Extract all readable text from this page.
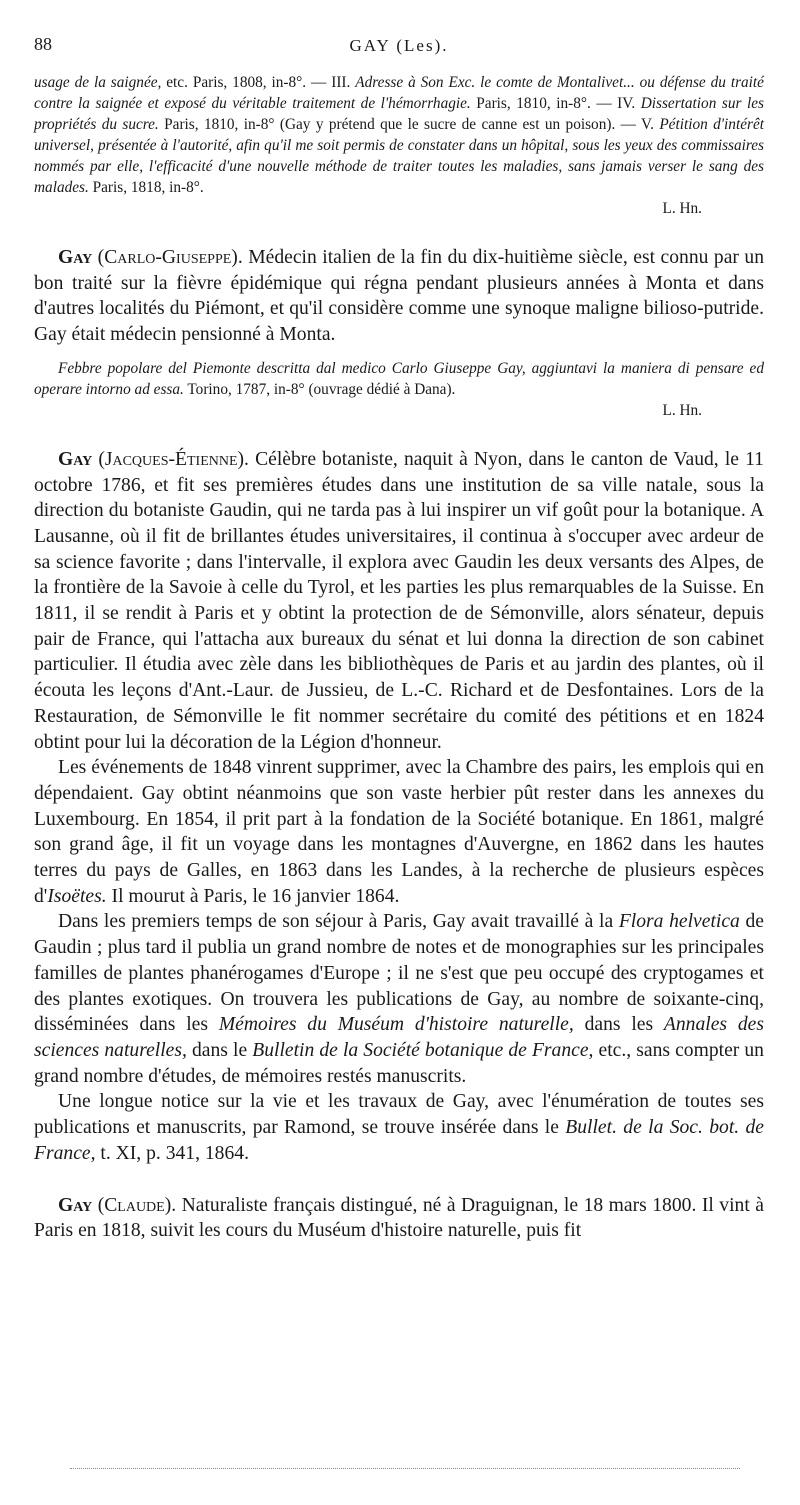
88	GAY (Les).

usage de la saignée, etc. Paris, 1808, in-8°. — III. Adresse à Son Exc. le comte de Montalivet... ou défense du traité contre la saignée et exposé du véritable traitement de l'hémorrhagie. Paris, 1810, in-8°. — IV. Dissertation sur les propriétés du sucre. Paris, 1810, in-8° (Gay y prétend que le sucre de canne est un poison). — V. Pétition d'intérêt universel, présentée à l'autorité, afin qu'il me soit permis de constater dans un hôpital, sous les yeux des commissaires nommés par elle, l'efficacité d'une nouvelle méthode de traiter toutes les maladies, sans jamais verser le sang des malades. Paris, 1818, in-8°.

L. Hn.

Gay (Carlo-Giuseppe). Médecin italien de la fin du dix-huitième siècle, est connu par un bon traité sur la fièvre épidémique qui régna pendant plusieurs années à Monta et dans d'autres localités du Piémont, et qu'il considère comme une synoque maligne bilioso-putride. Gay était médecin pensionné à Monta.

Febbre popolare del Piemonte descritta dal medico Carlo Giuseppe Gay, aggiuntavi la maniera di pensare ed operare intorno ad essa. Torino, 1787, in-8° (ouvrage dédié à Dana).

L. Hn.

Gay (Jacques-Étienne). Célèbre botaniste, naquit à Nyon, dans le canton de Vaud, le 11 octobre 1786, et fit ses premières études dans une institution de sa ville natale, sous la direction du botaniste Gaudin, qui ne tarda pas à lui inspirer un vif goût pour la botanique. A Lausanne, où il fit de brillantes études universitaires, il continua à s'occuper avec ardeur de sa science favorite ; dans l'intervalle, il explora avec Gaudin les deux versants des Alpes, de la frontière de la Savoie à celle du Tyrol, et les parties les plus remarquables de la Suisse. En 1811, il se rendit à Paris et y obtint la protection de de Sémonville, alors sénateur, depuis pair de France, qui l'attacha aux bureaux du sénat et lui donna la direction de son cabinet particulier. Il étudia avec zèle dans les bibliothèques de Paris et au jardin des plantes, où il écouta les leçons d'Ant.-Laur. de Jussieu, de L.-C. Richard et de Desfontaines. Lors de la Restauration, de Sémonville le fit nommer secrétaire du comité des pétitions et en 1824 obtint pour lui la décoration de la Légion d'honneur.

Les événements de 1848 vinrent supprimer, avec la Chambre des pairs, les emplois qui en dépendaient. Gay obtint néanmoins que son vaste herbier pût rester dans les annexes du Luxembourg. En 1854, il prit part à la fondation de la Société botanique. En 1861, malgré son grand âge, il fit un voyage dans les montagnes d'Auvergne, en 1862 dans les hautes terres du pays de Galles, en 1863 dans les Landes, à la recherche de plusieurs espèces d'Isoëtes. Il mourut à Paris, le 16 janvier 1864.

Dans les premiers temps de son séjour à Paris, Gay avait travaillé à la Flora helvetica de Gaudin ; plus tard il publia un grand nombre de notes et de monographies sur les principales familles de plantes phanérogames d'Europe ; il ne s'est que peu occupé des cryptogames et des plantes exotiques. On trouvera les publications de Gay, au nombre de soixante-cinq, disséminées dans les Mémoires du Muséum d'histoire naturelle, dans les Annales des sciences naturelles, dans le Bulletin de la Société botanique de France, etc., sans compter un grand nombre d'études, de mémoires restés manuscrits.

Une longue notice sur la vie et les travaux de Gay, avec l'énumération de toutes ses publications et manuscrits, par Ramond, se trouve insérée dans le Bullet. de la Soc. bot. de France, t. XI, p. 341, 1864.

Gay (Claude). Naturaliste français distingué, né à Draguignan, le 18 mars 1800. Il vint à Paris en 1818, suivit les cours du Muséum d'histoire naturelle, puis fit
